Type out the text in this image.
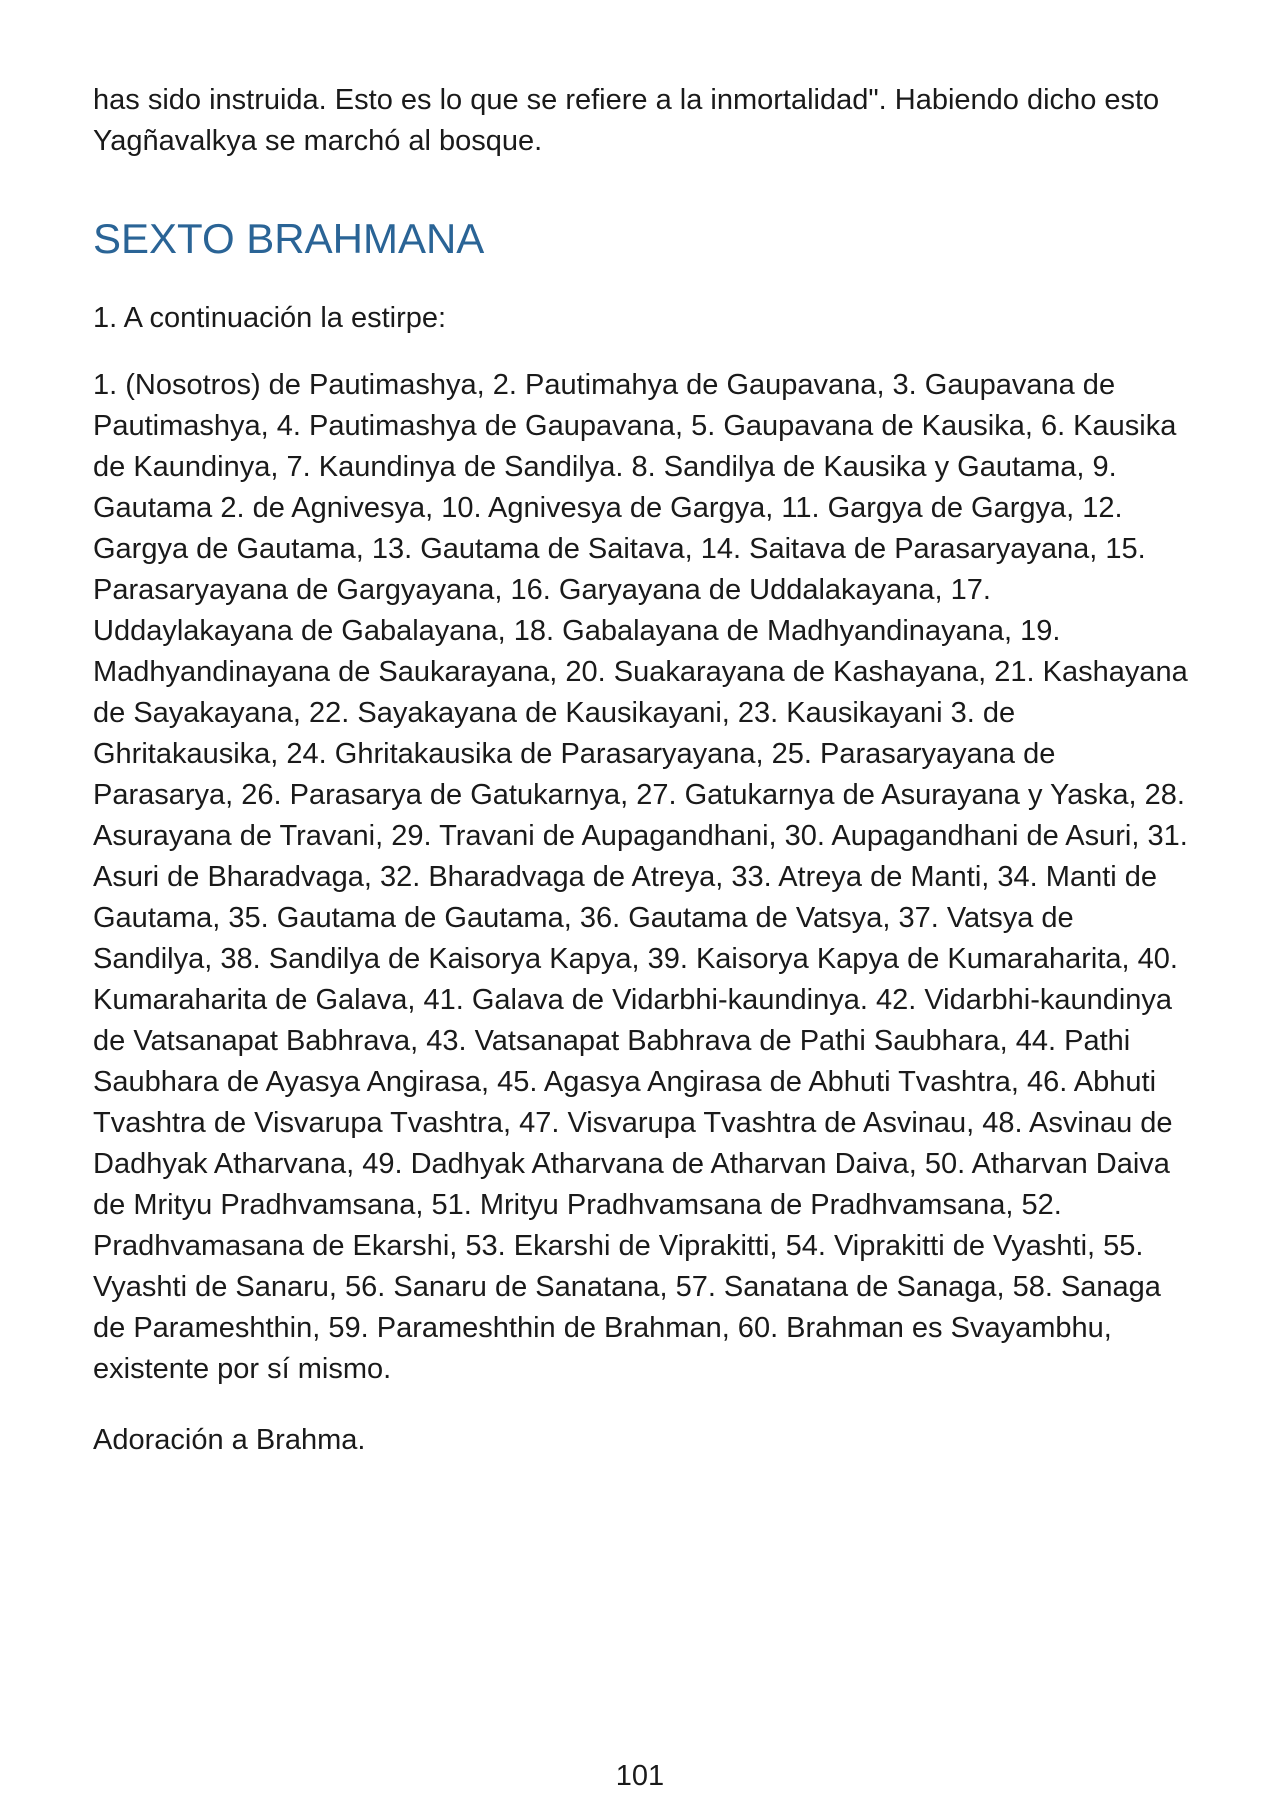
has sido instruida. Esto es lo que se refiere a la inmortalidad". Habiendo dicho esto Yagñavalkya se marchó al bosque.

SEXTO BRAHMANA

1. A continuación la estirpe:

1. (Nosotros) de Pautimashya, 2. Pautimahya de Gaupavana, 3. Gaupavana de Pautimashya, 4. Pautimashya de Gaupavana, 5. Gaupavana de Kausika, 6. Kausika de Kaundinya, 7. Kaundinya de Sandilya. 8. Sandilya de Kausika y Gautama, 9. Gautama 2. de Agnivesya, 10. Agnivesya de Gargya, 11. Gargya de Gargya, 12. Gargya de Gautama, 13. Gautama de Saitava, 14. Saitava de Parasaryayana, 15. Parasaryayana de Gargyayana, 16. Garyayana de Uddalakayana, 17. Uddaylakayana de Gabalayana, 18. Gabalayana de Madhyandinayana, 19. Madhyandinayana de Saukarayana, 20. Suakarayana de Kashayana, 21. Kashayana de Sayakayana, 22. Sayakayana de Kausikayani, 23. Kausikayani 3. de Ghritakausika, 24. Ghritakausika de Parasaryayana, 25. Parasaryayana de Parasarya, 26. Parasarya de Gatukarnya, 27. Gatukarnya de Asurayana y Yaska, 28. Asurayana de Travani, 29. Travani de Aupagandhani, 30. Aupagandhani de Asuri, 31. Asuri de Bharadvaga, 32. Bharadvaga de Atreya, 33. Atreya de Manti, 34. Manti de Gautama, 35. Gautama de Gautama, 36. Gautama de Vatsya, 37. Vatsya de Sandilya, 38. Sandilya de Kaisorya Kapya, 39. Kaisorya Kapya de Kumaraharita, 40. Kumaraharita de Galava, 41. Galava de Vidarbhi-kaundinya. 42. Vidarbhi-kaundinya de Vatsanapat Babhrava, 43. Vatsanapat Babhrava de Pathi Saubhara, 44. Pathi Saubhara de Ayasya Angirasa, 45. Agasya Angirasa de Abhuti Tvashtra, 46. Abhuti Tvashtra de Visvarupa Tvashtra, 47. Visvarupa Tvashtra de Asvinau, 48. Asvinau de Dadhyak Atharvana, 49. Dadhyak Atharvana de Atharvan Daiva, 50. Atharvan Daiva de Mrityu Pradhvamsana, 51. Mrityu Pradhvamsana de Pradhvamsana, 52. Pradhvamasana de Ekarshi, 53. Ekarshi de Viprakitti, 54. Viprakitti de Vyashti, 55. Vyashti de Sanaru, 56. Sanaru de Sanatana, 57. Sanatana de Sanaga, 58. Sanaga de Parameshthin, 59. Parameshthin de Brahman, 60. Brahman es Svayambhu, existente por sí mismo.

Adoración a Brahma.

101
